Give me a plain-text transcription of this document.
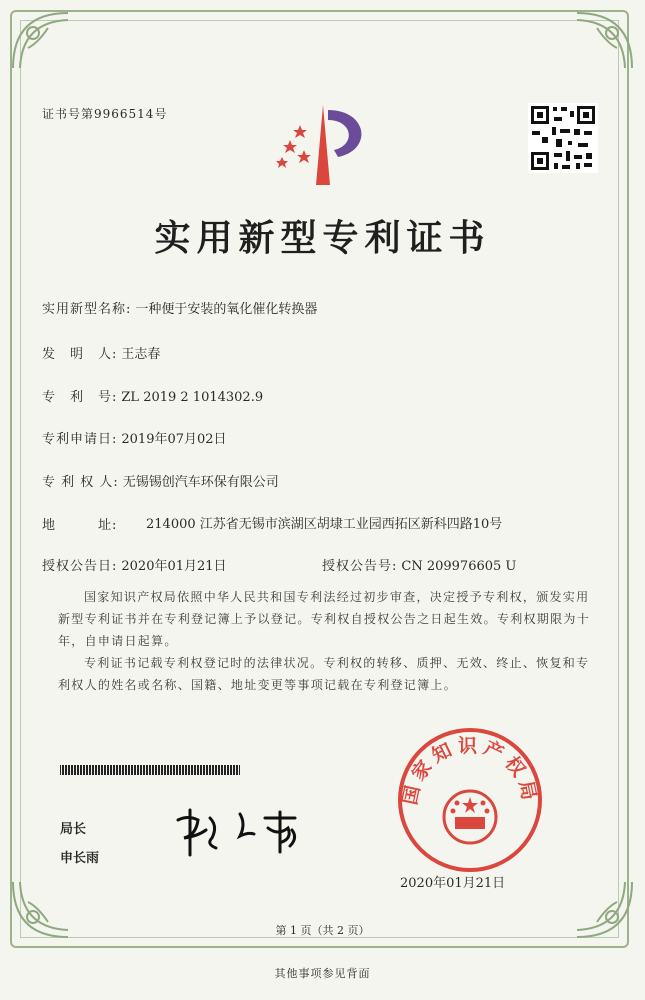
证书号第9966514号
实用新型专利证书
实用新型名称: 一种便于安装的氧化催化转换器
发　明　人: 王志春
专　利　号: ZL 2019 2 1014302.9
专利申请日: 2019年07月02日
专 利 权 人: 无锡锡创汽车环保有限公司
地　　　址: 214000 江苏省无锡市滨湖区胡埭工业园西拓区新科四路10号
授权公告日: 2020年01月21日	授权公告号: CN 209976605 U
国家知识产权局依照中华人民共和国专利法经过初步审查，决定授予专利权，颁发实用新型专利证书并在专利登记簿上予以登记。专利权自授权公告之日起生效。专利权期限为十年，自申请日起算。
专利证书记载专利权登记时的法律状况。专利权的转移、质押、无效、终止、恢复和专利权人的姓名或名称、国籍、地址变更等事项记载在专利登记簿上。
局长
申长雨
国家知识产权局
2020年01月21日
第 1 页（共 2 页）
其他事项参见背面
